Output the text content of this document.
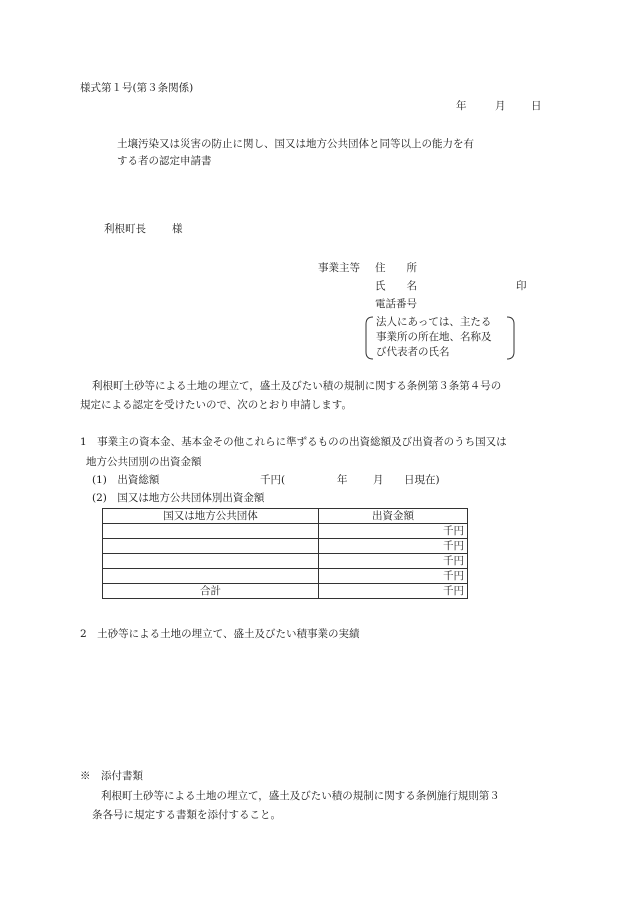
様式第１号(第３条関係)
年	月 日
土壌汚染又は災害の防止に関し、国又は地方公共団体と同等以上の能力を有
する者の認定申請書
利根町長 様
事業主等 住　　所
氏　　名	印
電話番号
法人にあっては、主たる
事業所の所在地、名称及
び代表者の氏名
利根町土砂等による土地の埋立て，盛土及びたい積の規制に関する条例第３条第４号の
規定による認定を受けたいので、次のとおり申請します。
1　事業主の資本金、基本金その他これらに準ずるものの出資総額及び出資者のうち国又は
地方公共団別の出資金額
(1)　出資総額	千円(	年 月 日現在)
(2)　国又は地方公共団体別出資金額
国又は地方公共団体	出資金額
	千円
	千円
	千円
	千円
合計	千円
2　土砂等による土地の埋立て、盛土及びたい積事業の実績
※　添付書類
利根町土砂等による土地の埋立て，盛土及びたい積の規制に関する条例施行規則第３
条各号に規定する書類を添付すること。
